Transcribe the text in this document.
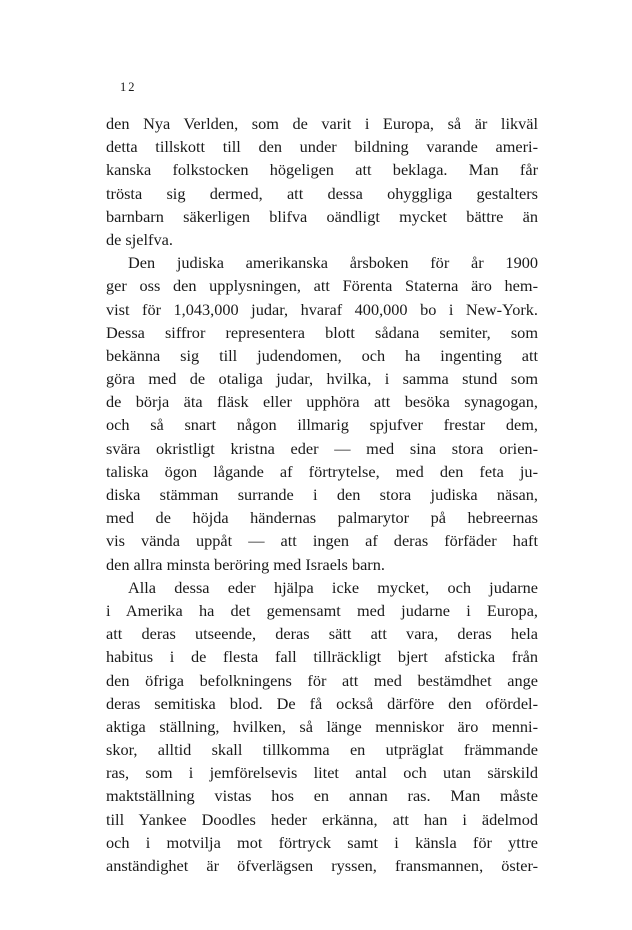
12
den Nya Verlden, som de varit i Europa, så är likväl
detta tillskott till den under bildning varande ameri-
kanska folkstocken högeligen att beklaga. Man får
trösta sig dermed, att dessa ohyggliga gestalters
barnbarn säkerligen blifva oändligt mycket bättre än
de sjelfva.
Den judiska amerikanska årsboken för år 1900
ger oss den upplysningen, att Förenta Staterna äro hem-
vist för 1,043,000 judar, hvaraf 400,000 bo i New-York.
Dessa siffror representera blott sådana semiter, som
bekänna sig till judendomen, och ha ingenting att
göra med de otaliga judar, hvilka, i samma stund som
de börja äta fläsk eller upphöra att besöka synagogan,
och så snart någon illmarig spjufver frestar dem,
svära okristligt kristna eder — med sina stora orien-
taliska ögon lågande af förtrytelse, med den feta ju-
diska stämman surrande i den stora judiska näsan,
med de höjda händernas palmarytor på hebreernas
vis vända uppåt — att ingen af deras förfäder haft
den allra minsta beröring med Israels barn.
Alla dessa eder hjälpa icke mycket, och judarne
i Amerika ha det gemensamt med judarne i Europa,
att deras utseende, deras sätt att vara, deras hela
habitus i de flesta fall tillräckligt bjert afsticka från
den öfriga befolkningens för att med bestämdhet ange
deras semitiska blod. De få också därföre den ofördel-
aktiga ställning, hvilken, så länge menniskor äro menni-
skor, alltid skall tillkomma en utpräglat främmande
ras, som i jemförelsevis litet antal och utan särskild
maktställning vistas hos en annan ras. Man måste
till Yankee Doodles heder erkänna, att han i ädelmod
och i motvilja mot förtryck samt i känsla för yttre
anständighet är öfverlägsen ryssen, fransmannen, öster-
